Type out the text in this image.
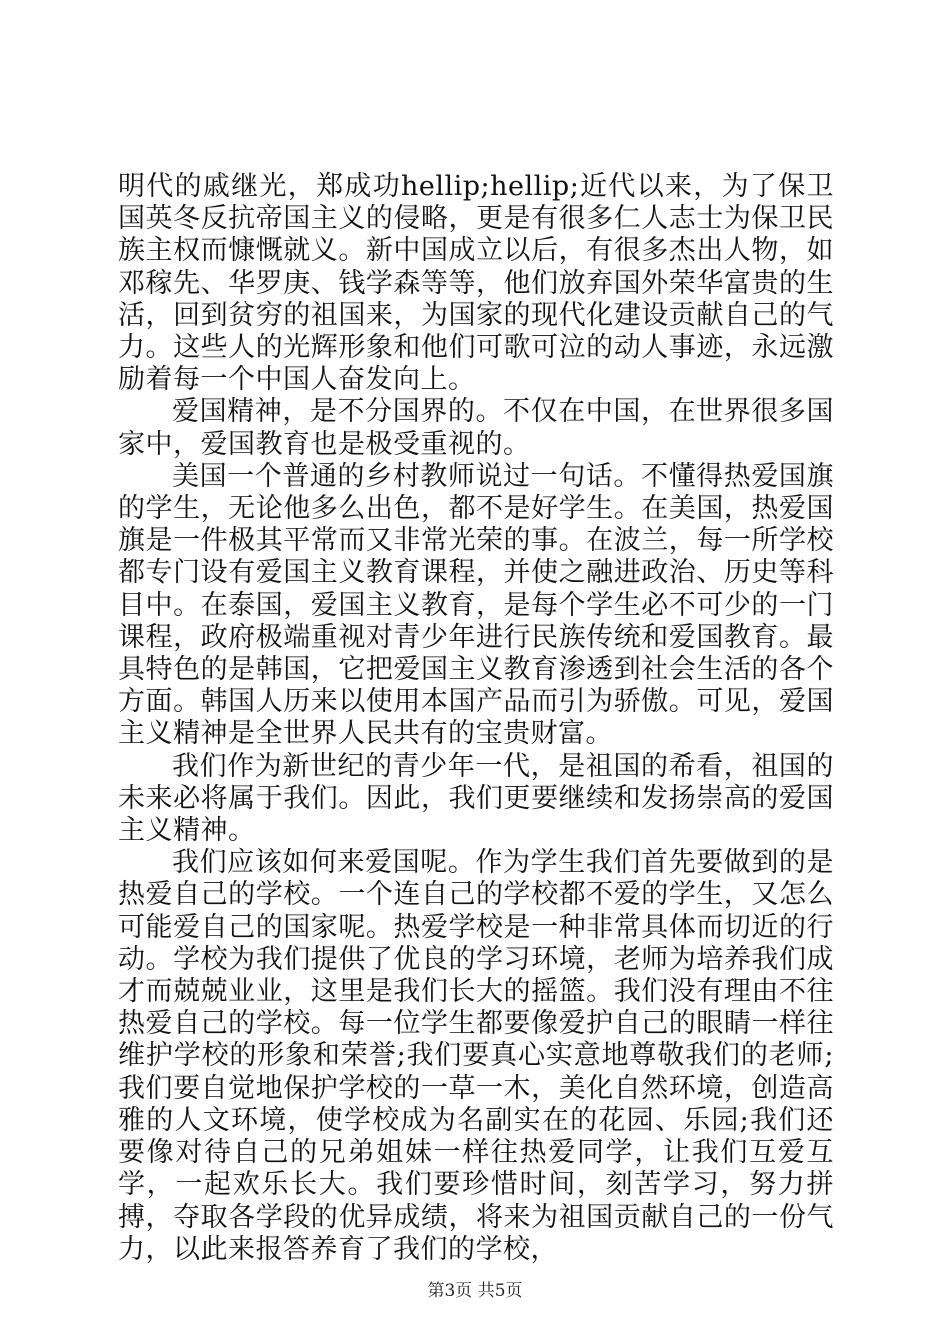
明代的戚继光，郑成功hellip;hellip;近代以来，为了保卫国英冬反抗帝国主义的侵略，更是有很多仁人志士为保卫民族主权而慷慨就义。新中国成立以后，有很多杰出人物，如邓稼先、华罗庚、钱学森等等，他们放弃国外荣华富贵的生活，回到贫穷的祖国来，为国家的现代化建设贡献自己的气力。这些人的光辉形象和他们可歌可泣的动人事迹，永远激励着每一个中国人奋发向上。

爱国精神，是不分国界的。不仅在中国，在世界很多国家中，爱国教育也是极受重视的。

美国一个普通的乡村教师说过一句话。不懂得热爱国旗的学生，无论他多么出色，都不是好学生。在美国，热爱国旗是一件极其平常而又非常光荣的事。在波兰，每一所学校都专门设有爱国主义教育课程，并使之融进政治、历史等科目中。在泰国，爱国主义教育，是每个学生必不可少的一门课程，政府极端重视对青少年进行民族传统和爱国教育。最具特色的是韩国，它把爱国主义教育渗透到社会生活的各个方面。韩国人历来以使用本国产品而引为骄傲。可见，爱国主义精神是全世界人民共有的宝贵财富。

我们作为新世纪的青少年一代，是祖国的希看，祖国的未来必将属于我们。因此，我们更要继续和发扬崇高的爱国主义精神。

我们应该如何来爱国呢。作为学生我们首先要做到的是热爱自己的学校。一个连自己的学校都不爱的学生，又怎么可能爱自己的国家呢。热爱学校是一种非常具体而切近的行动。学校为我们提供了优良的学习环境，老师为培养我们成才而兢兢业业，这里是我们长大的摇篮。我们没有理由不往热爱自己的学校。每一位学生都要像爱护自己的眼睛一样往维护学校的形象和荣誉;我们要真心实意地尊敬我们的老师;我们要自觉地保护学校的一草一木，美化自然环境，创造高雅的人文环境，使学校成为名副实在的花园、乐园;我们还要像对待自己的兄弟姐妹一样往热爱同学，让我们互爱互学，一起欢乐长大。我们要珍惜时间，刻苦学习，努力拼搏，夺取各学段的优异成绩，将来为祖国贡献自己的一份气力，以此来报答养育了我们的学校，

第3页 共5页
